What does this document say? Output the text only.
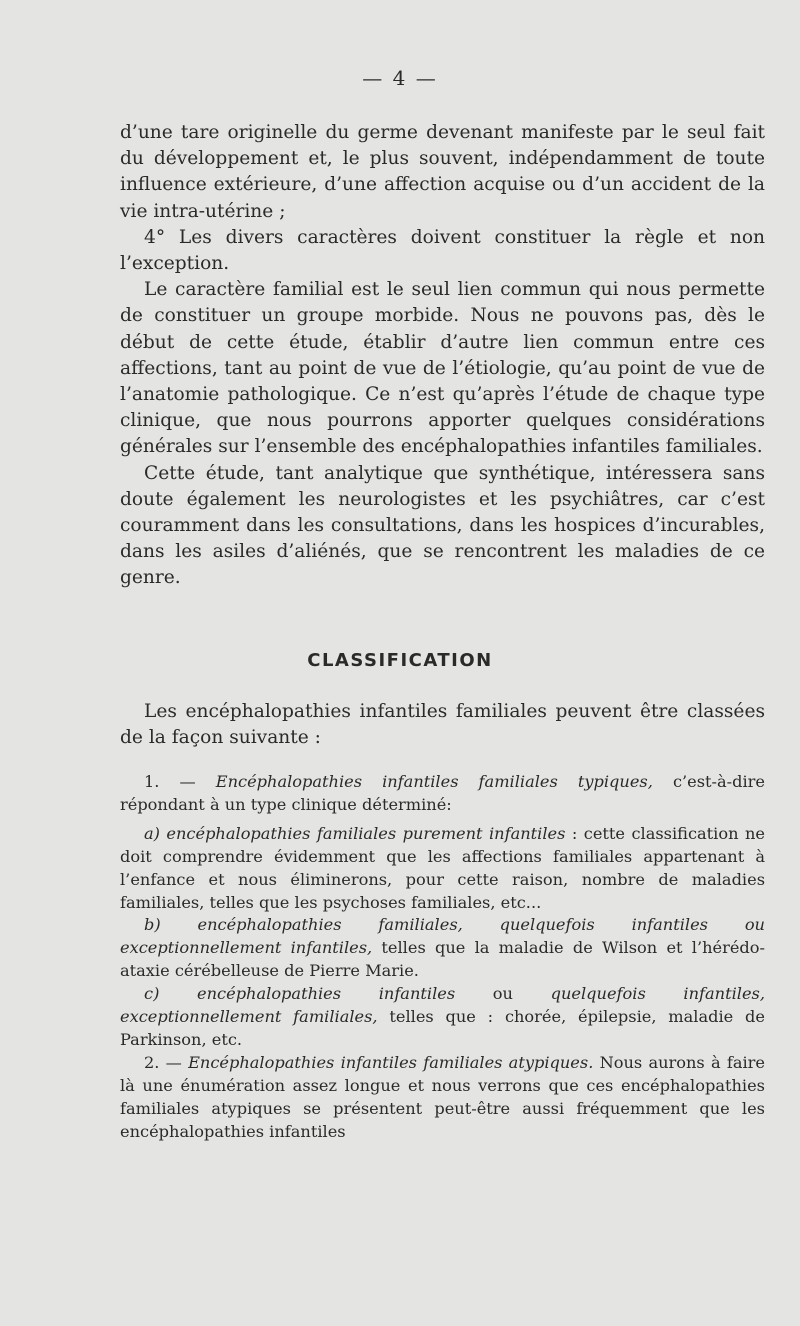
— 4 —

d’une tare originelle du germe devenant manifeste par le seul fait du développement et, le plus souvent, indépendamment de toute influence extérieure, d’une affection acquise ou d’un accident de la vie intra-utérine ;

4° Les divers caractères doivent constituer la règle et non l’exception.

Le caractère familial est le seul lien commun qui nous permette de constituer un groupe morbide. Nous ne pouvons pas, dès le début de cette étude, établir d’autre lien commun entre ces affections, tant au point de vue de l’étiologie, qu’au point de vue de l’anatomie pathologique. Ce n’est qu’après l’étude de chaque type clinique, que nous pourrons apporter quelques considérations générales sur l’ensemble des encéphalopathies infantiles familiales.

Cette étude, tant analytique que synthétique, intéressera sans doute également les neurologistes et les psychiâtres, car c’est couramment dans les consultations, dans les hospices d’incurables, dans les asiles d’aliénés, que se rencontrent les maladies de ce genre.

CLASSIFICATION

Les encéphalopathies infantiles familiales peuvent être classées de la façon suivante :

1. — Encéphalopathies infantiles familiales typiques, c’est-à-dire répondant à un type clinique déterminé:

a) encéphalopathies familiales purement infantiles : cette classification ne doit comprendre évidemment que les affections familiales appartenant à l’enfance et nous éliminerons, pour cette raison, nombre de maladies familiales, telles que les psychoses familiales, etc...

b) encéphalopathies familiales, quelquefois infantiles ou exceptionnellement infantiles, telles que la maladie de Wilson et l’hérédo-ataxie cérébelleuse de Pierre Marie.

c) encéphalopathies infantiles ou quelquefois infantiles, exceptionnellement familiales, telles que : chorée, épilepsie, maladie de Parkinson, etc.

2. — Encéphalopathies infantiles familiales atypiques. Nous aurons à faire là une énumération assez longue et nous verrons que ces encéphalopathies familiales atypiques se présentent peut-être aussi fréquemment que les encéphalopathies infantiles
